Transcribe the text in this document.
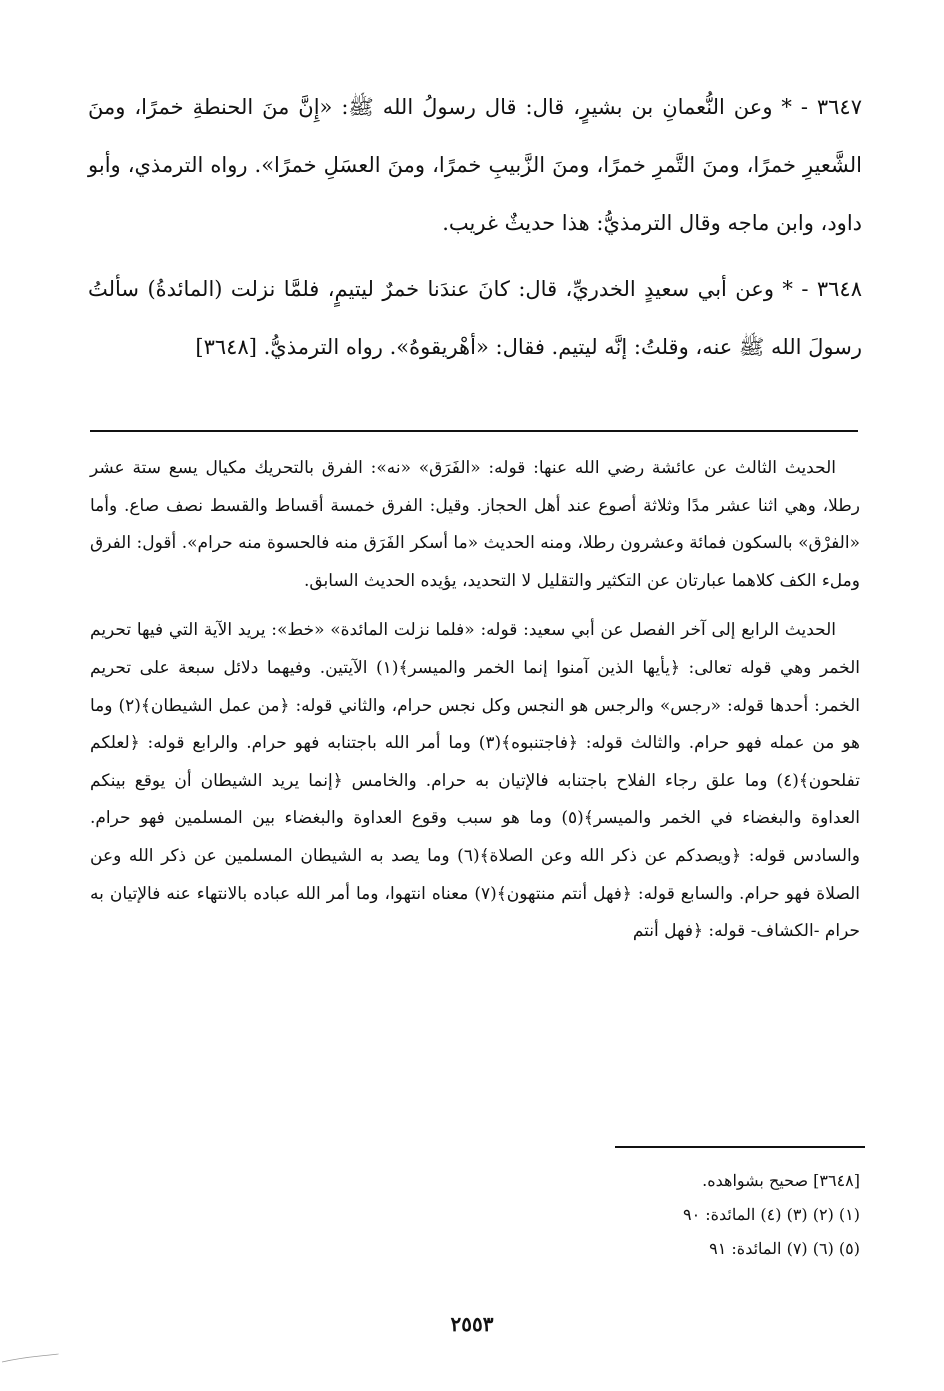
٣٦٤٧ - * وعن النُّعمانِ بن بشيرٍ، قال: قال رسولُ الله ﷺ: «إِنَّ منَ الحنطةِ خمرًا، ومنَ الشَّعيرِ خمرًا، ومنَ التَّمرِ خمرًا، ومنَ الزَّبيبِ خمرًا، ومنَ العسَلِ خمرًا». رواه الترمذي، وأبو داود، وابن ماجه وقال الترمذيُّ: هذا حديثٌ غريب.

٣٦٤٨ - * وعن أبي سعيدٍ الخدريِّ، قال: كانَ عندَنا خمرٌ ليتيمٍ، فلمَّا نزلت (المائدةُ) سألتُ رسولَ الله ﷺ عنه، وقلتُ: إنَّه ليتيم. فقال: «أهْريقوهُ». رواه الترمذيُّ. [٣٦٤٨]

الحديث الثالث عن عائشة رضي الله عنها: قوله: «الفَرَق» «نه»: الفرق بالتحريك مكيال يسع ستة عشر رطلا، وهي اثنا عشر مدًا وثلاثة أصوع عند أهل الحجاز. وقيل: الفرق خمسة أقساط والقسط نصف صاع. وأما «الفرْق» بالسكون فمائة وعشرون رطلا، ومنه الحديث «ما أسكر الفَرَق منه فالحسوة منه حرام». أقول: الفرق وملء الكف كلاهما عبارتان عن التكثير والتقليل لا التحديد، يؤيده الحديث السابق.

الحديث الرابع إلى آخر الفصل عن أبي سعيد: قوله: «فلما نزلت المائدة» «خط»: يريد الآية التي فيها تحريم الخمر وهي قوله تعالى: ﴿يأيها الذين آمنوا إنما الخمر والميسر﴾(١) الآيتين. وفيهما دلائل سبعة على تحريم الخمر: أحدها قوله: «رجس» والرجس هو النجس وكل نجس حرام، والثاني قوله: ﴿من عمل الشيطان﴾(٢) وما هو من عمله فهو حرام. والثالث قوله: ﴿فاجتنبوه﴾(٣) وما أمر الله باجتنابه فهو حرام. والرابع قوله: ﴿لعلكم تفلحون﴾(٤) وما علق رجاء الفلاح باجتنابه فالإتيان به حرام. والخامس ﴿إنما يريد الشيطان أن يوقع بينكم العداوة والبغضاء في الخمر والميسر﴾(٥) وما هو سبب وقوع العداوة والبغضاء بين المسلمين فهو حرام. والسادس قوله: ﴿ويصدكم عن ذكر الله وعن الصلاة﴾(٦) وما يصد به الشيطان المسلمين عن ذكر الله وعن الصلاة فهو حرام. والسابع قوله: ﴿فهل أنتم منتهون﴾(٧) معناه انتهوا، وما أمر الله عباده بالانتهاء عنه فالإتيان به حرام -الكشاف- قوله: ﴿فهل أنتم

[٣٦٤٨] صحيح بشواهده.
(١) (٢) (٣) (٤) المائدة: ٩٠
(٥) (٦) (٧) المائدة: ٩١
٢٥٥٣
